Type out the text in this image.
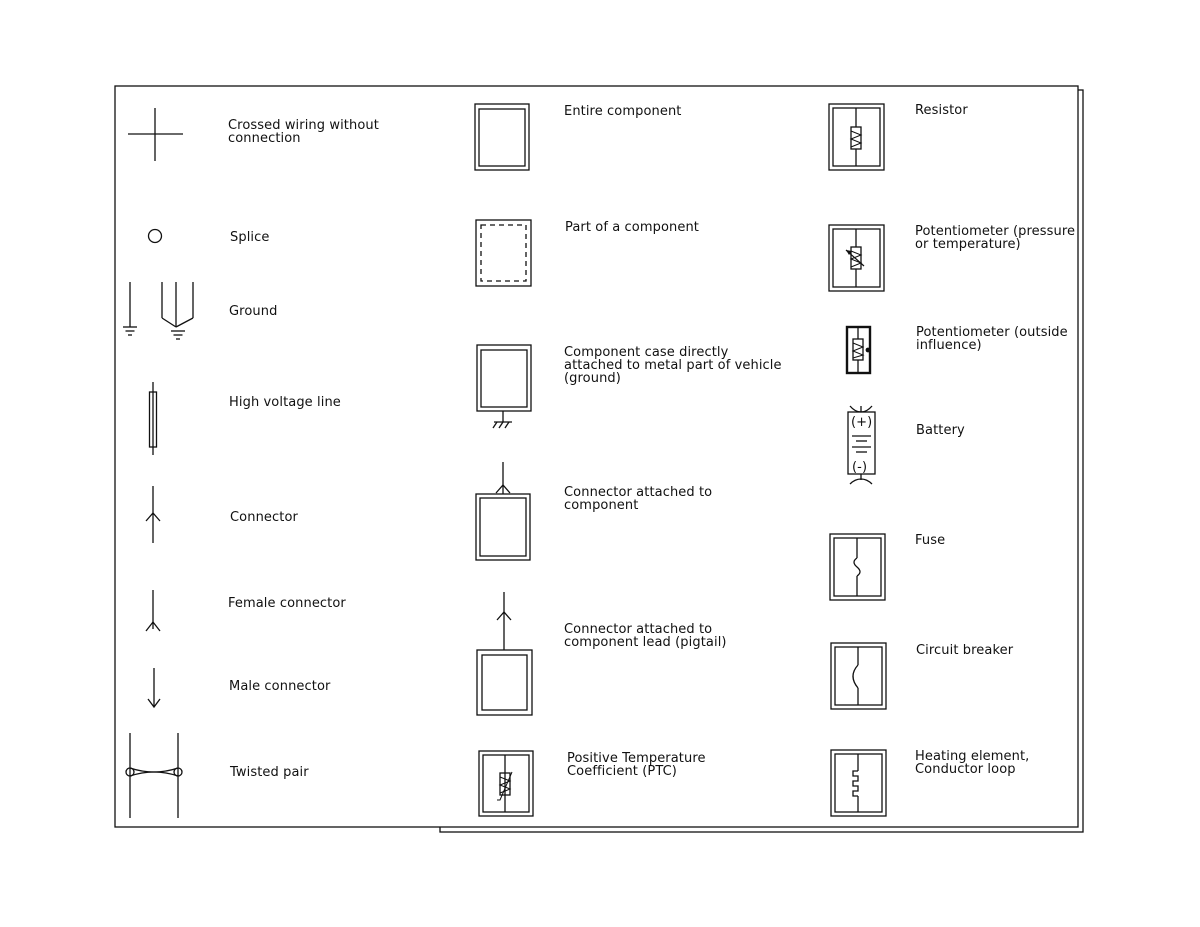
(+)
(-)
Crossed wiring without
connection
Splice
Ground
High voltage line
Connector
Female connector
Male connector
Twisted pair
Entire component
Part of a component
Component case directly
attached to metal part of vehicle
(ground)
Connector attached to
component
Connector attached to
component lead (pigtail)
Positive Temperature
Coefficient (PTC)
Resistor
Potentiometer (pressure
or temperature)
Potentiometer (outside
influence)
Battery
Fuse
Circuit breaker
Heating element,
Conductor loop
